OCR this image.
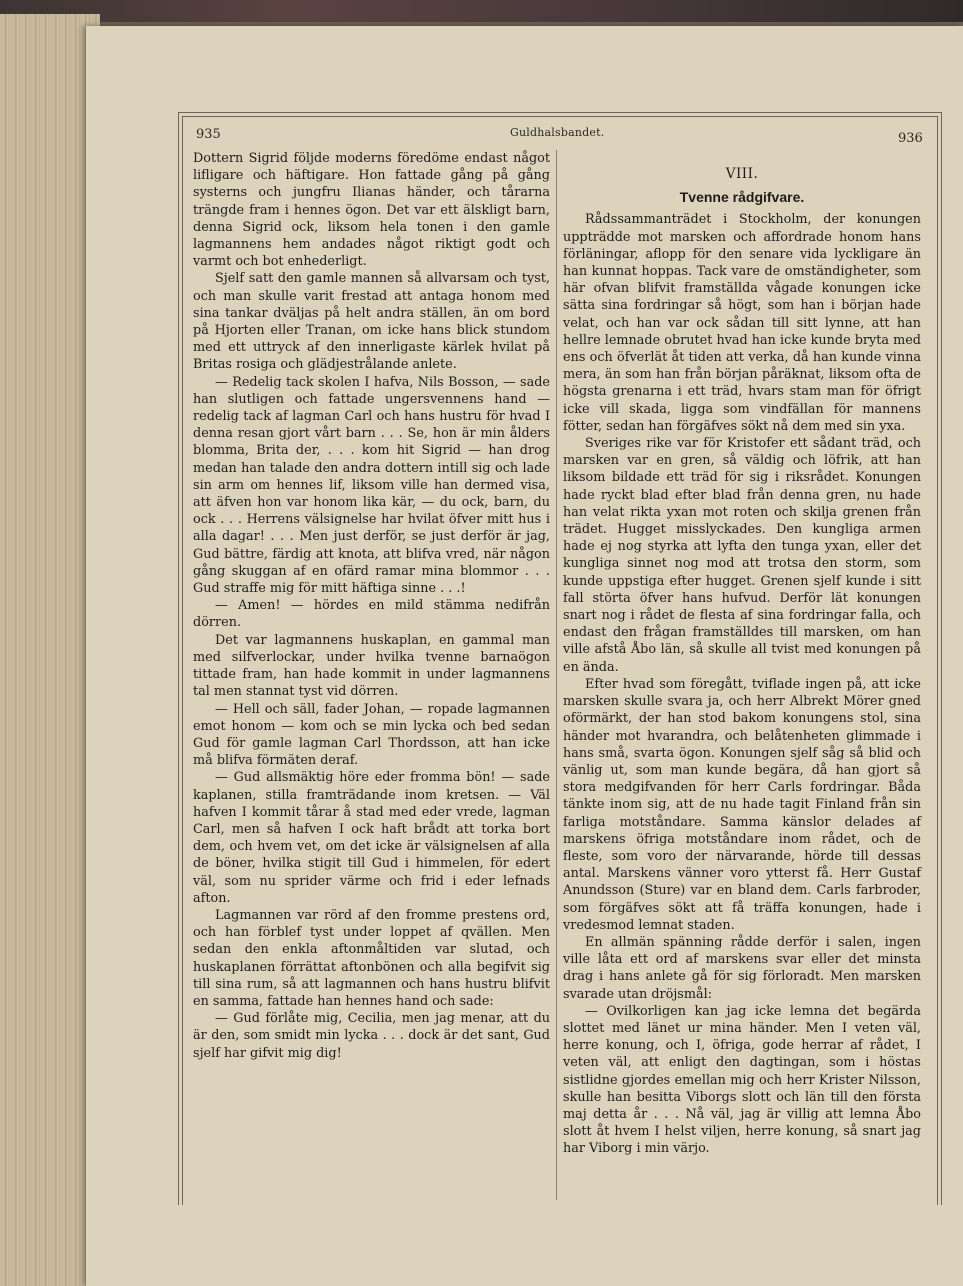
935	Guldhalsbandet.	936

Dottern Sigrid följde moderns föredöme endast något lifligare och häftigare. Hon fattade gång på gång systerns och jungfru Ilianas händer, och tårarna trängde fram i hennes ögon. Det var ett älskligt barn, denna Sigrid ock, liksom hela tonen i den gamle lagmannens hem andades något riktigt godt och varmt och bot enhederligt.

Sjelf satt den gamle mannen så allvarsam och tyst, och man skulle varit frestad att antaga honom med sina tankar dväljas på helt andra ställen, än om bord på Hjorten eller Tranan, om icke hans blick stundom med ett uttryck af den innerligaste kärlek hvilat på Britas rosiga och glädjestrålande anlete.

— Redelig tack skolen I hafva, Nils Bosson, — sade han slutligen och fattade ungersvennens hand — redelig tack af lagman Carl och hans hustru för hvad I denna resan gjort vårt barn . . . Se, hon är min ålders blomma, Brita der, . . . kom hit Sigrid — han drog medan han talade den andra dottern intill sig och lade sin arm om hennes lif, liksom ville han dermed visa, att äfven hon var honom lika kär, — du ock, barn, du ock . . . Herrens välsignelse har hvilat öfver mitt hus i alla dagar! . . . Men just derför, se just derför är jag, Gud bättre, färdig att knota, att blifva vred, när någon gång skuggan af en ofärd ramar mina blommor . . . Gud straffe mig för mitt häftiga sinne . . .!

— Amen! — hördes en mild stämma nedifrån dörren.

Det var lagmannens huskaplan, en gammal man med silfverlockar, under hvilka tvenne barnaögon tittade fram, han hade kommit in under lagmannens tal men stannat tyst vid dörren.

— Hell och säll, fader Johan, — ropade lagmannen emot honom — kom och se min lycka och bed sedan Gud för gamle lagman Carl Thordsson, att han icke må blifva förmäten deraf.

— Gud allsmäktig höre eder fromma bön! — sade kaplanen, stilla framträdande inom kretsen. — Väl hafven I kommit tårar å stad med eder vrede, lagman Carl, men så hafven I ock haft brådt att torka bort dem, och hvem vet, om det icke är välsignelsen af alla de böner, hvilka stigit till Gud i himmelen, för edert väl, som nu sprider värme och frid i eder lefnads afton.

Lagmannen var rörd af den fromme prestens ord, och han förblef tyst under loppet af qvällen. Men sedan den enkla aftonmåltiden var slutad, och huskaplanen förrättat aftonbönen och alla begifvit sig till sina rum, så att lagmannen och hans hustru blifvit en samma, fattade han hennes hand och sade:

— Gud förlåte mig, Cecilia, men jag menar, att du är den, som smidt min lycka . . . dock är det sant, Gud sjelf har gifvit mig dig!

VIII.

Tvenne rådgifvare.

Rådssammanträdet i Stockholm, der konungen uppträdde mot marsken och affordrade honom hans förläningar, aflopp för den senare vida lyckligare än han kunnat hoppas. Tack vare de omständigheter, som här ofvan blifvit framställda vågade konungen icke sätta sina fordringar så högt, som han i början hade velat, och han var ock sådan till sitt lynne, att han hellre lemnade obrutet hvad han icke kunde bryta med ens och öfverlät åt tiden att verka, då han kunde vinna mera, än som han från början påräknat, liksom ofta de högsta grenarna i ett träd, hvars stam man för öfrigt icke vill skada, ligga som vindfällan för mannens fötter, sedan han förgäfves sökt nå dem med sin yxa.

Sveriges rike var för Kristofer ett sådant träd, och marsken var en gren, så väldig och löfrik, att han liksom bildade ett träd för sig i riksrådet. Konungen hade ryckt blad efter blad från denna gren, nu hade han velat rikta yxan mot roten och skilja grenen från trädet. Hugget misslyckades. Den kungliga armen hade ej nog styrka att lyfta den tunga yxan, eller det kungliga sinnet nog mod att trotsa den storm, som kunde uppstiga efter hugget. Grenen sjelf kunde i sitt fall störta öfver hans hufvud. Derför lät konungen snart nog i rådet de flesta af sina fordringar falla, och endast den frågan framställdes till marsken, om han ville afstå Åbo län, så skulle all tvist med konungen på en ända.

Efter hvad som föregått, tviflade ingen på, att icke marsken skulle svara ja, och herr Albrekt Mörer gned oförmärkt, der han stod bakom konungens stol, sina händer mot hvarandra, och belåtenheten glimmade i hans små, svarta ögon. Konungen sjelf såg så blid och vänlig ut, som man kunde begära, då han gjort så stora medgifvanden för herr Carls fordringar. Båda tänkte inom sig, att de nu hade tagit Finland från sin farliga motståndare. Samma känslor delades af marskens öfriga motståndare inom rådet, och de fleste, som voro der närvarande, hörde till dessas antal. Marskens vänner voro ytterst få. Herr Gustaf Anundsson (Sture) var en bland dem. Carls farbroder, som förgäfves sökt att få träffa konungen, hade i vredesmod lemnat staden.

En allmän spänning rådde derför i salen, ingen ville låta ett ord af marskens svar eller det minsta drag i hans anlete gå för sig förloradt. Men marsken svarade utan dröjsmål:

— Ovilkorligen kan jag icke lemna det begärda slottet med länet ur mina händer. Men I veten väl, herre konung, och I, öfriga, gode herrar af rådet, I veten väl, att enligt den dagtingan, som i höstas sistlidne gjordes emellan mig och herr Krister Nilsson, skulle han besitta Viborgs slott och län till den första maj detta år . . . Nå väl, jag är villig att lemna Åbo slott åt hvem I helst viljen, herre konung, så snart jag har Viborg i min värjo.
